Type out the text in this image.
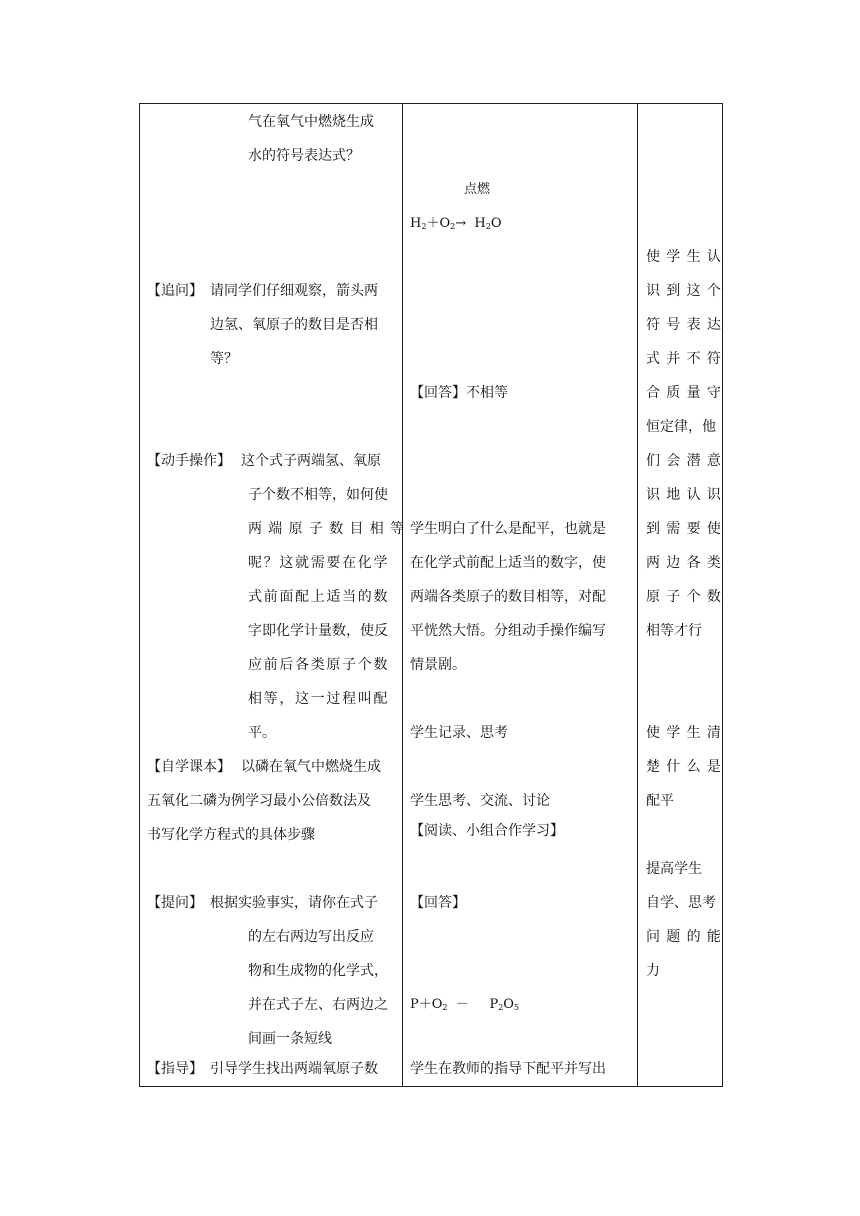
气在氧气中燃烧生成
水的符号表达式？
【追问】 请同学们仔细观察，箭头两
边氢、氧原子的数目是否相
等？
【动手操作】 这个式子两端氢、氧原
子个数不相等，如何使
两端原子数目相等
呢？这就需要在化学
式前面配上适当的数
字即化学计量数，使反
应前后各类原子个数
相等，这一过程叫配
平。
【自学课本】 以磷在氧气中燃烧生成
五氧化二磷为例学习最小公倍数法及
书写化学方程式的具体步骤
【提问】 根据实验事实，请你在式子
的左右两边写出反应
物和生成物的化学式，
并在式子左、右两边之
间画一条短线
【指导】 引导学生找出两端氧原子数
点燃
$H_2+O_2\to H_2O$
【回答】不相等
学生明白了什么是配平，也就是
在化学式前配上适当的数字，使
两端各类原子的数目相等，对配
平恍然大悟。分组动手操作编写
情景剧。
学生记录、思考
学生思考、交流、讨论
【阅读、小组合作学习】
【回答】
$P+O_2 - P_2O_5$
学生在教师的指导下配平并写出
使学生认
识到这个
符号表达
式并不符
合质量守
恒定律，他
们会潜意
识地认识
到需要使
两边各类
原子个数
相等才行
使学生清
楚什么是
配平
提高学生
自学、思考
问题的能
力
